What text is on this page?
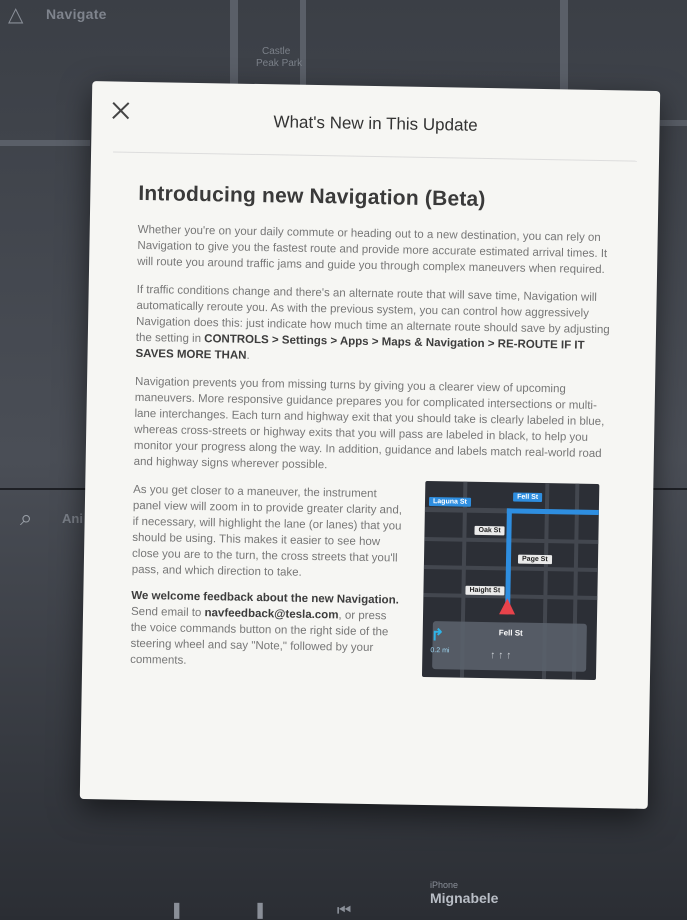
△ Navigate
Castle
Peak Park
⌕ Ani
iPhone
Mignabele
❚❚⏮
What's New in This Update
Introducing new Navigation (Beta)

Whether you're on your daily commute or heading out to a new destination, you can rely on Navigation to give you the fastest route and provide more accurate estimated arrival times. It will route you around traffic jams and guide you through complex maneuvers when required.

If traffic conditions change and there's an alternate route that will save time, Navigation will automatically reroute you. As with the previous system, you can control how aggressively Navigation does this: just indicate how much time an alternate route should save by adjusting the setting in CONTROLS > Settings > Apps > Maps & Navigation > RE-ROUTE IF IT SAVES MORE THAN.

Navigation prevents you from missing turns by giving you a clearer view of upcoming maneuvers. More responsive guidance prepares you for complicated intersections or multi-lane interchanges. Each turn and highway exit that you should take is clearly labeled in blue, whereas cross-streets or highway exits that you will pass are labeled in black, to help you monitor your progress along the way. In addition, guidance and labels match real-world road and highway signs wherever possible.

As you get closer to a maneuver, the instrument panel view will zoom in to provide greater clarity and, if necessary, will highlight the lane (or lanes) that you should be using. This makes it easier to see how close you are to the turn, the cross streets that you'll pass, and which direction to take.

We welcome feedback about the new Navigation. Send email to navfeedback@tesla.com, or press the voice commands button on the right side of the steering wheel and say "Note," followed by your comments.

Laguna St
Fell St
Oak St
Page St
Haight St
Fell St
↑↑↑
↱
0.2 mi
